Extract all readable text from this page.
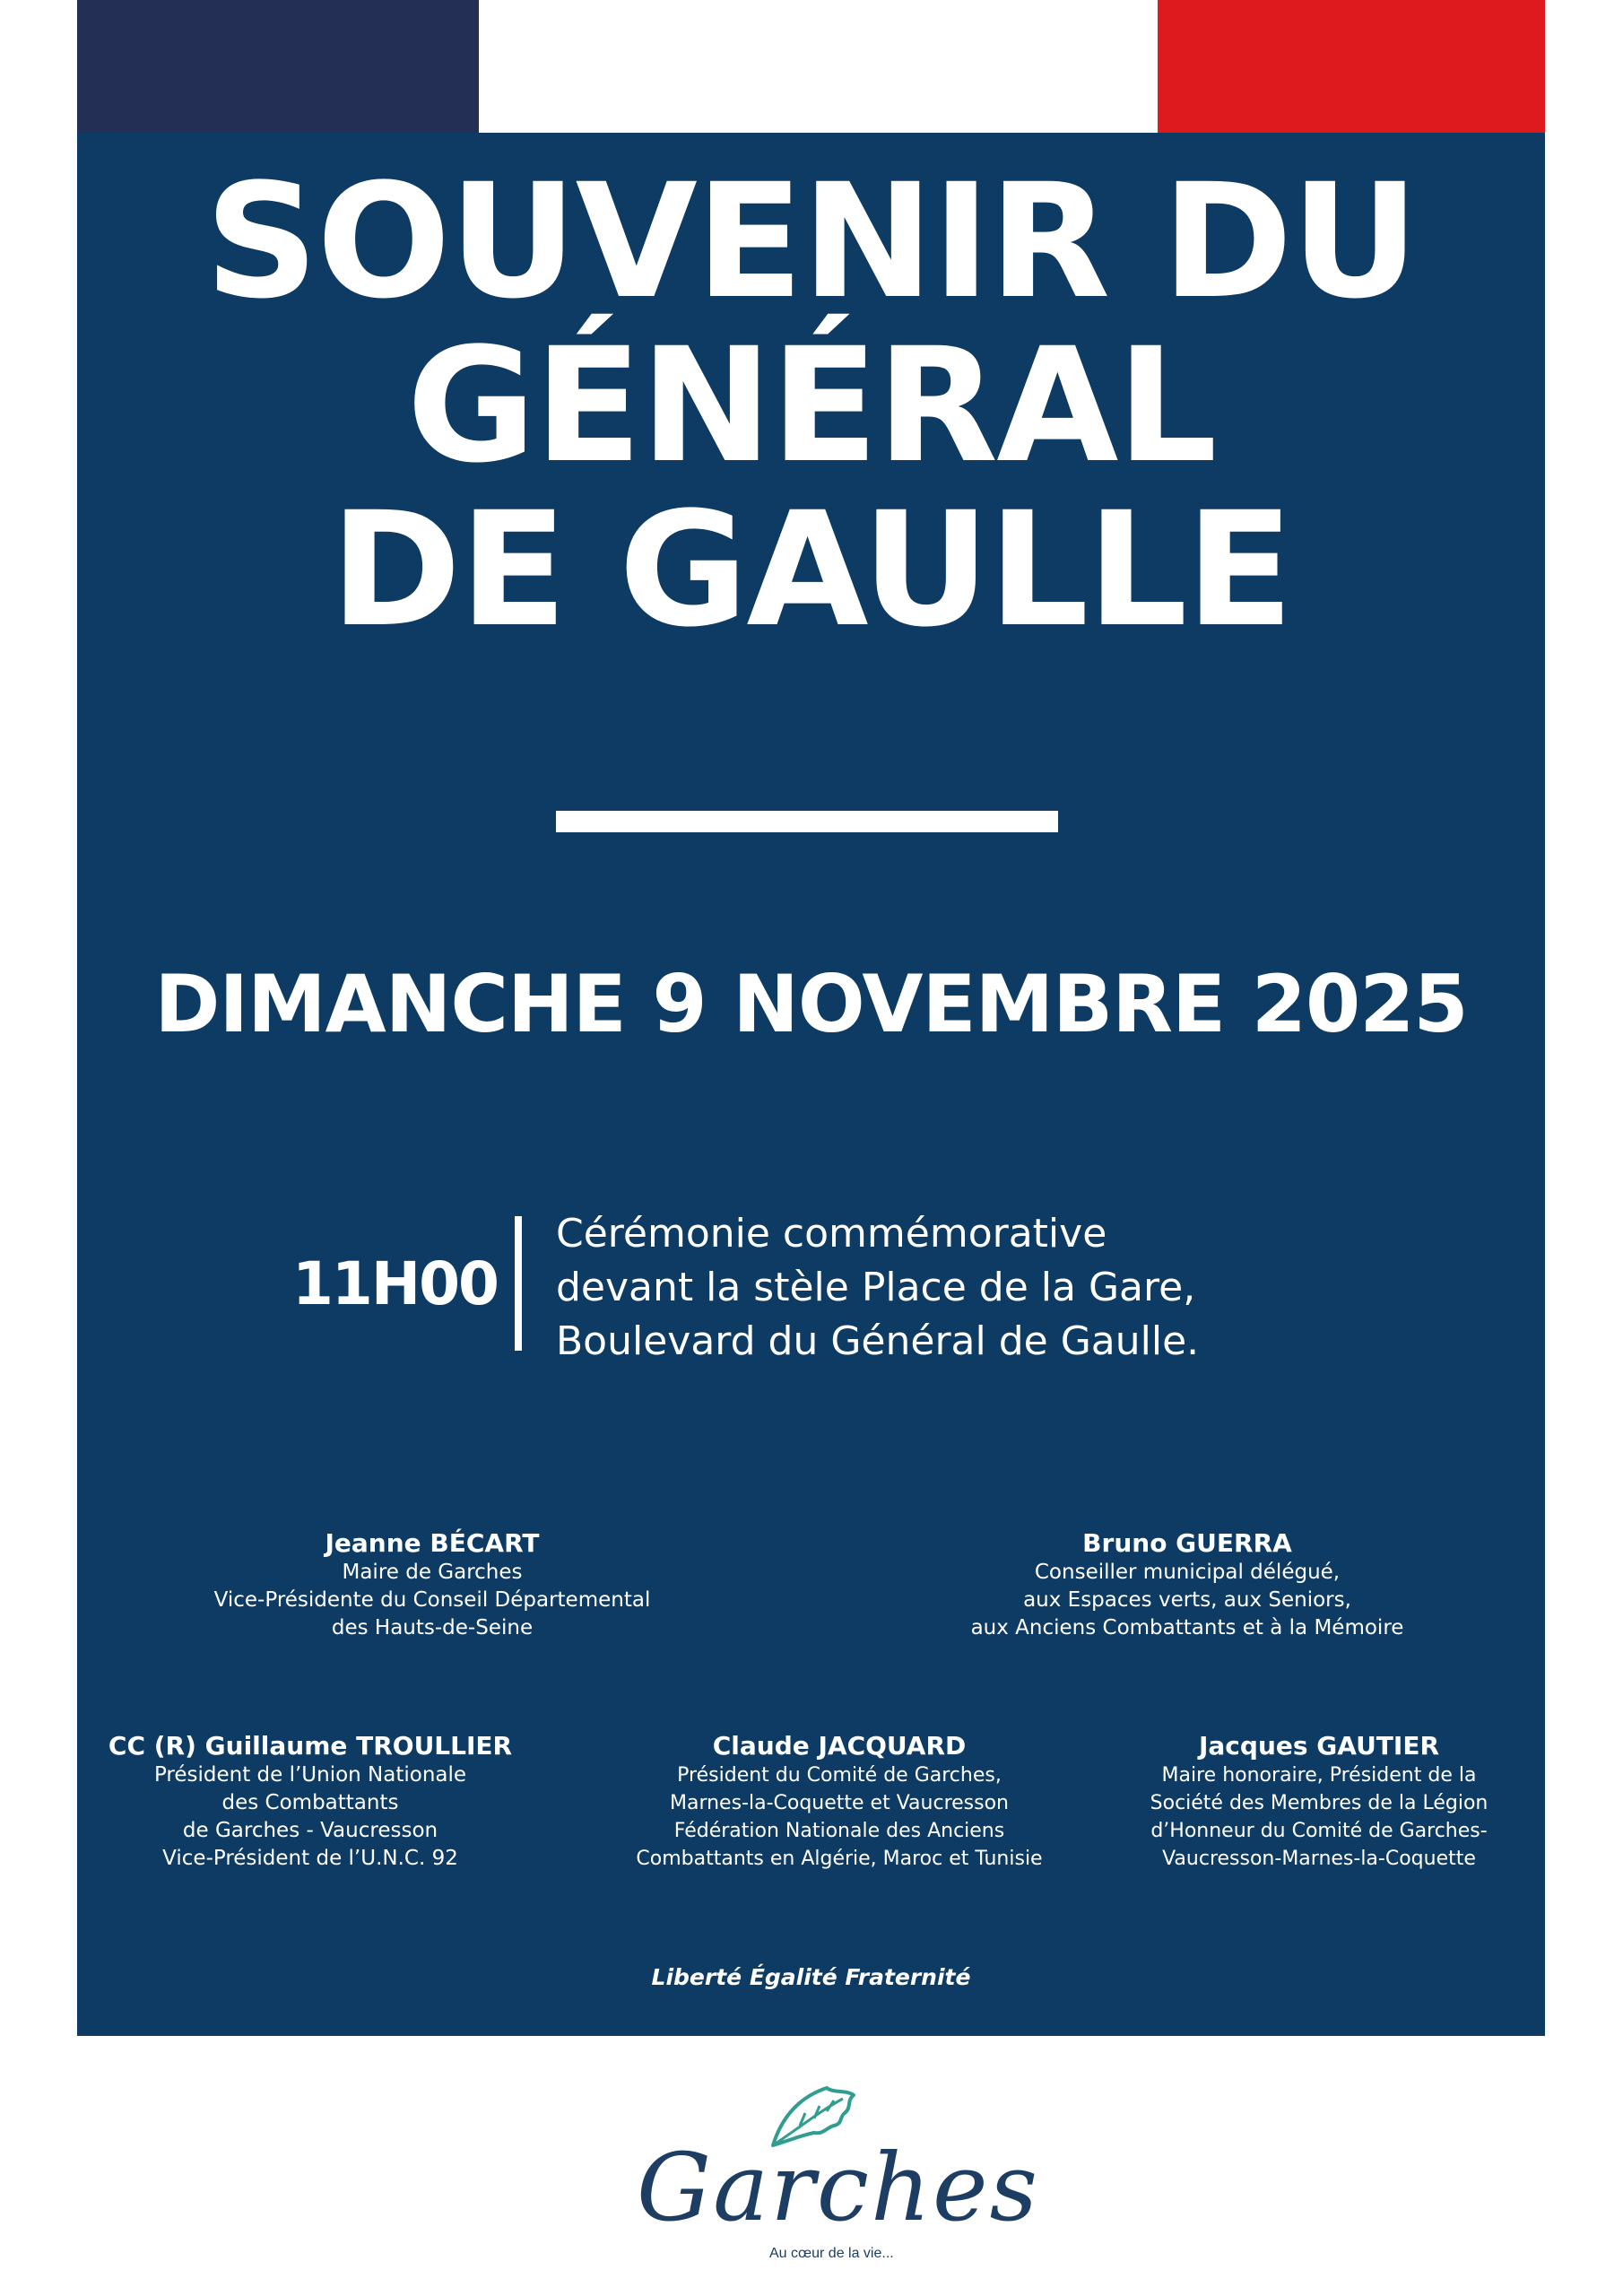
SOUVENIR DU
GÉNÉRAL
DE GAULLE
DIMANCHE 9 NOVEMBRE 2025
11H00
Cérémonie commémorative
devant la stèle Place de la Gare,
Boulevard du Général de Gaulle.
Jeanne BÉCART
Maire de Garches
Vice-Présidente du Conseil Départemental
des Hauts-de-Seine
Bruno GUERRA
Conseiller municipal délégué,
aux Espaces verts, aux Seniors,
aux Anciens Combattants et à la Mémoire
CC (R) Guillaume TROULLIER
Président de l’Union Nationale
des Combattants
de Garches - Vaucresson
Vice-Président de l’U.N.C. 92
Claude JACQUARD
Président du Comité de Garches,
Marnes-la-Coquette et Vaucresson
Fédération Nationale des Anciens
Combattants en Algérie, Maroc et Tunisie
Jacques GAUTIER
Maire honoraire, Président de la
Société des Membres de la Légion
d’Honneur du Comité de Garches-
Vaucresson-Marnes-la-Coquette
Liberté Égalité Fraternité
Garches
Au cœur de la vie...
